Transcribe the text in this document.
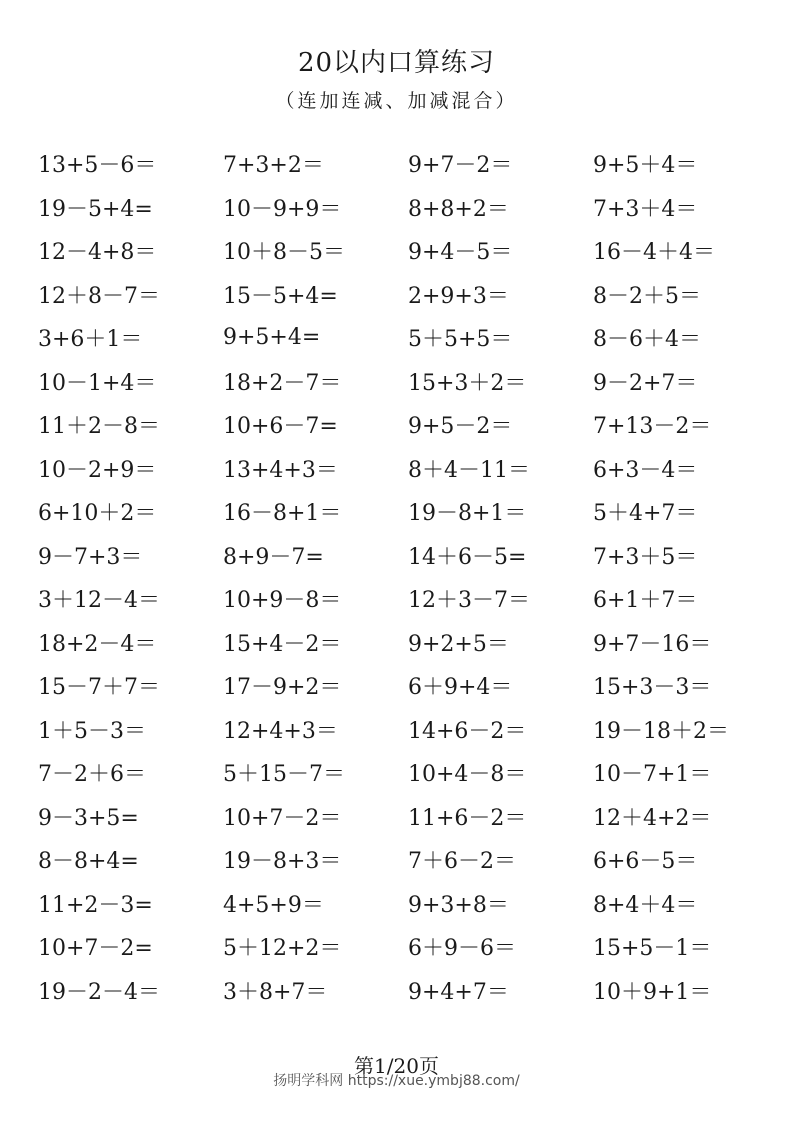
20以内口算练习
（连加连减、加减混合）
13+5－6＝	7+3+2＝	9+7－2＝	9+5＋4＝
19－5+4=	10－9+9＝	8+8+2＝	7+3＋4＝
12－4+8＝	10＋8－5＝	9+4－5＝	16－4＋4＝
12＋8－7＝	15－5+4=	2+9+3＝	8－2＋5＝
3+6＋1＝	9+5+4=	5＋5+5＝	8－6＋4＝
10－1+4＝	18+2－7＝	15+3＋2＝	9－2+7＝
11＋2－8＝	10+6－7=	9+5－2＝	7+13－2＝
10－2+9＝	13+4+3＝	8＋4－11＝	6+3－4＝
6+10＋2＝	16－8+1＝	19－8+1＝	5＋4+7＝
9－7+3＝	8+9－7=	14＋6－5=	7+3＋5＝
3＋12－4＝	10+9－8＝	12＋3－7＝	6+1＋7＝
18+2－4＝	15+4－2＝	9+2+5＝	9+7－16＝
15－7＋7＝	17－9+2＝	6＋9+4＝	15+3－3＝
1＋5－3＝	12+4+3＝	14+6－2＝	19－18＋2＝
7－2＋6＝	5＋15－7＝	10+4－8＝	10－7+1＝
9－3+5=	10+7－2＝	11+6－2＝	12＋4+2＝
8－8+4=	19－8+3＝	7＋6－2＝	6+6－5＝
11+2－3=	4+5+9＝	9+3+8＝	8+4＋4＝
10+7－2=	5＋12+2＝	6＋9－6＝	15+5－1＝
19－2－4＝	3＋8+7＝	9+4+7＝	10＋9+1＝
第1/20页
扬明学科网 https://xue.ymbj88.com/
